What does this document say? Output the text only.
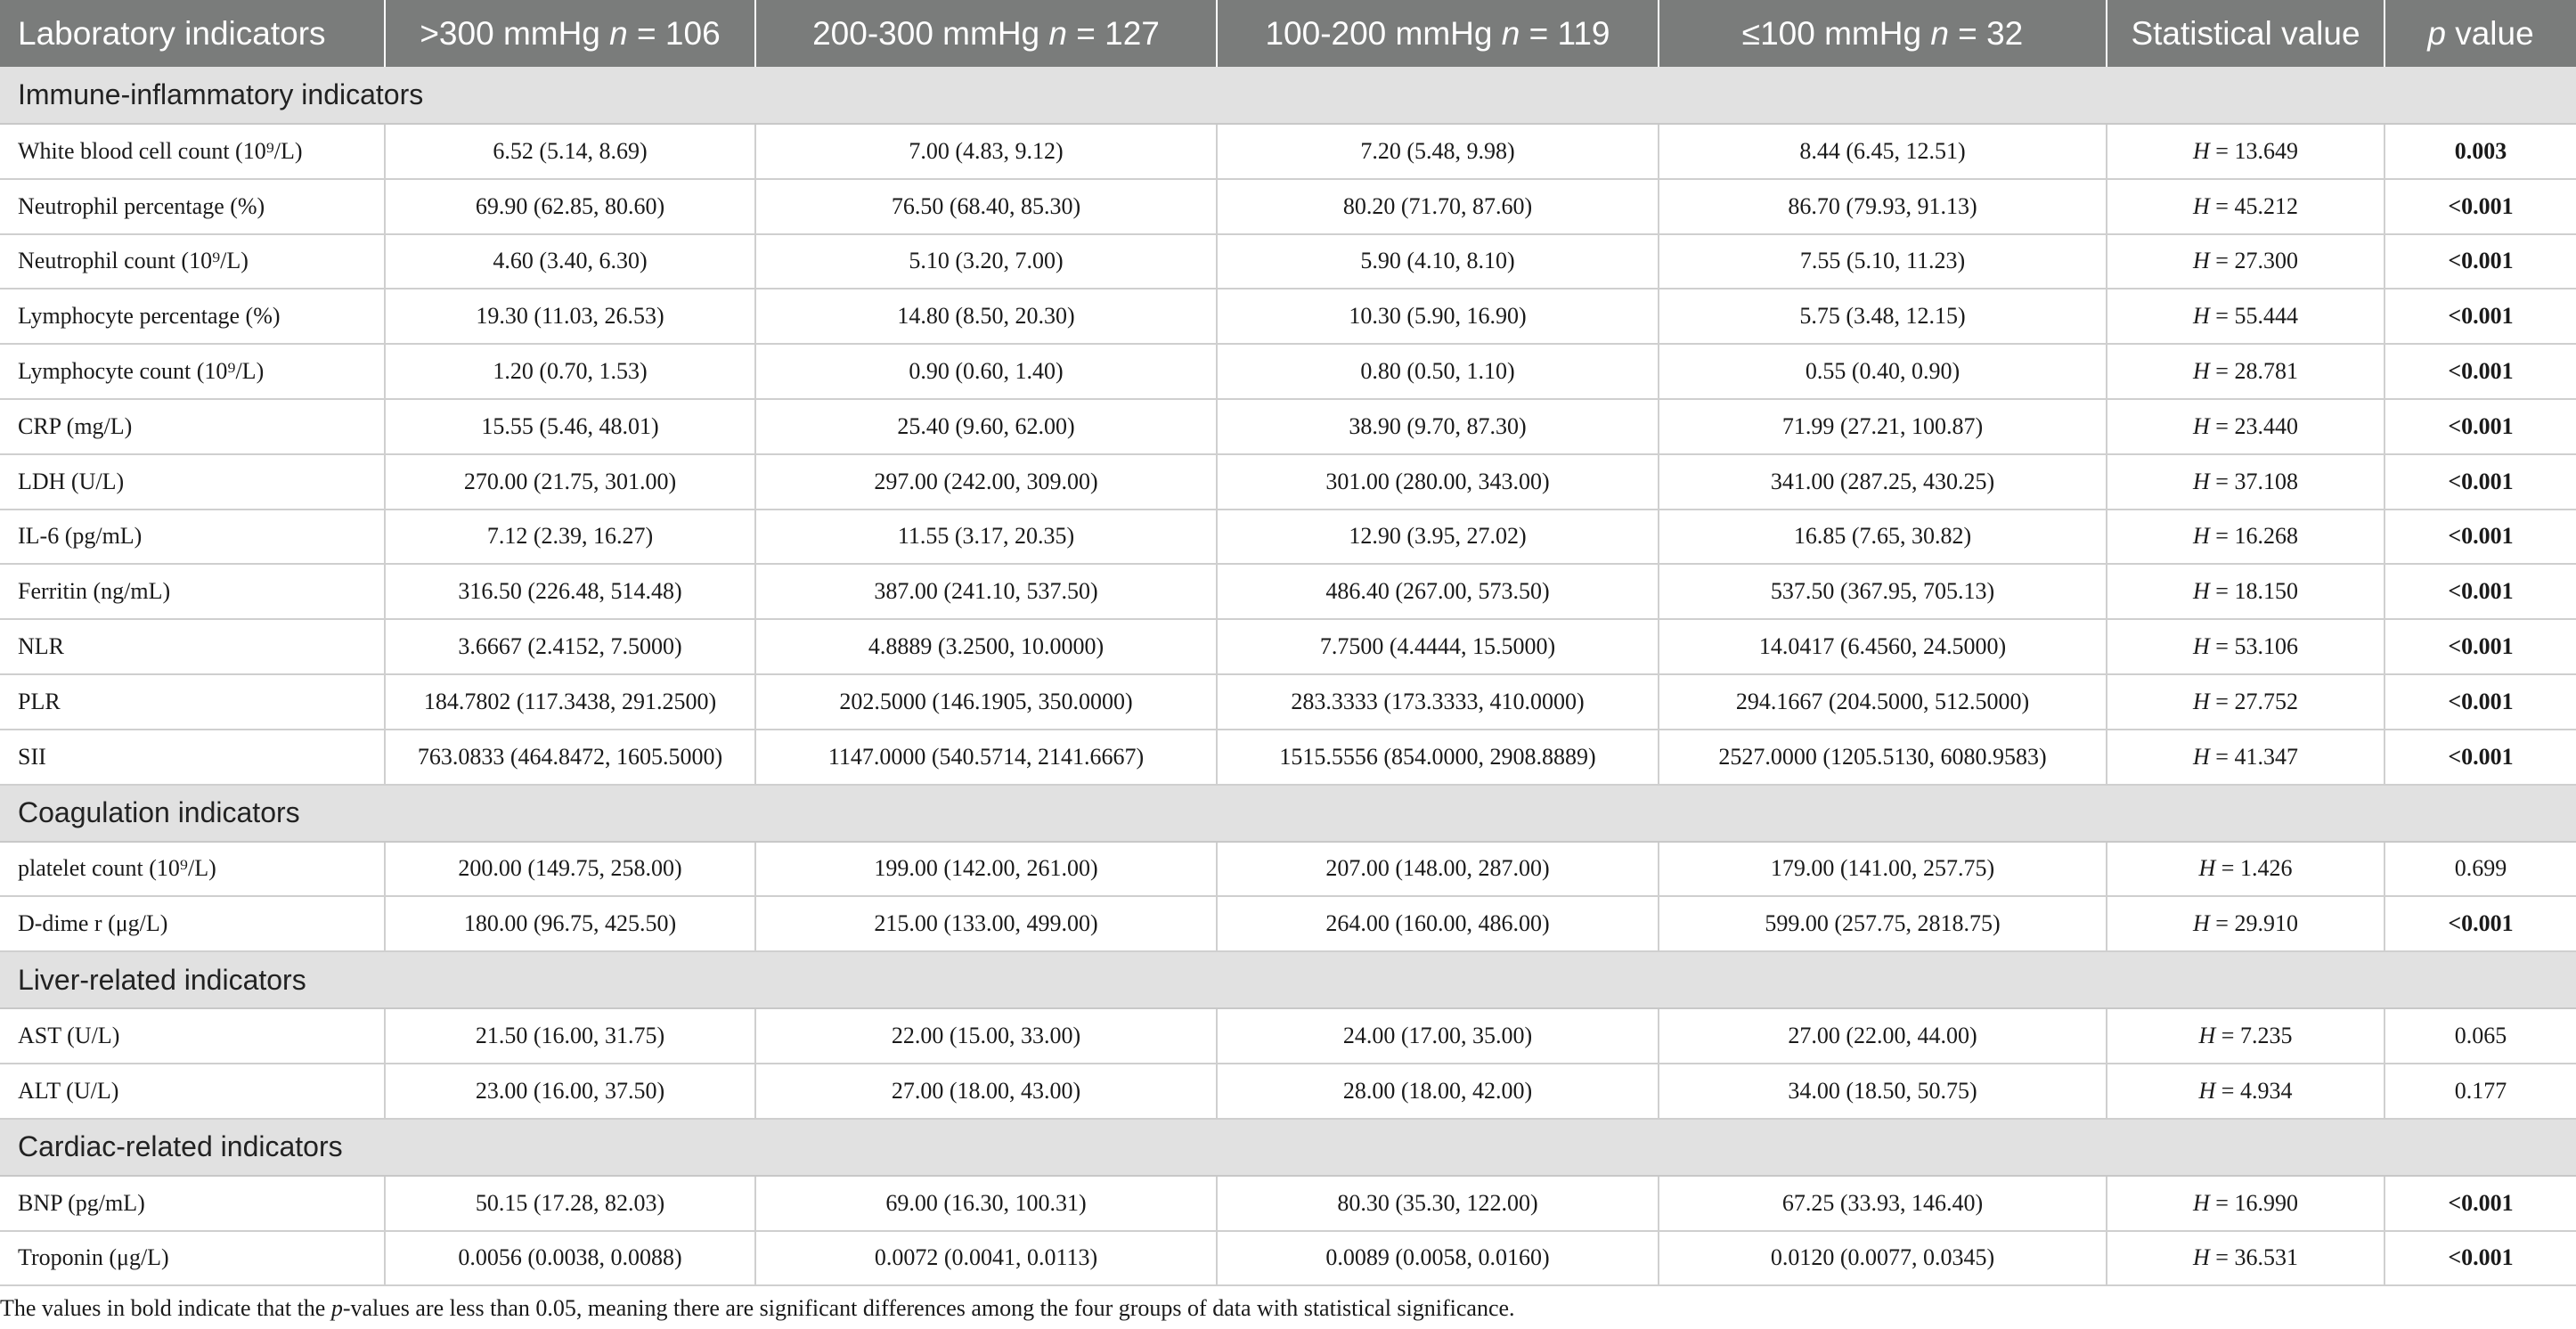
Laboratory indicators	>300 mmHg n = 106	200-300 mmHg n = 127	100-200 mmHg n = 119	≤100 mmHg n = 32	Statistical value	p value
Immune-inflammatory indicators						
White blood cell count (10⁹/L)	6.52 (5.14, 8.69)	7.00 (4.83, 9.12)	7.20 (5.48, 9.98)	8.44 (6.45, 12.51)	H = 13.649	0.003
Neutrophil percentage (%)	69.90 (62.85, 80.60)	76.50 (68.40, 85.30)	80.20 (71.70, 87.60)	86.70 (79.93, 91.13)	H = 45.212	<0.001
Neutrophil count (10⁹/L)	4.60 (3.40, 6.30)	5.10 (3.20, 7.00)	5.90 (4.10, 8.10)	7.55 (5.10, 11.23)	H = 27.300	<0.001
Lymphocyte percentage (%)	19.30 (11.03, 26.53)	14.80 (8.50, 20.30)	10.30 (5.90, 16.90)	5.75 (3.48, 12.15)	H = 55.444	<0.001
Lymphocyte count (10⁹/L)	1.20 (0.70, 1.53)	0.90 (0.60, 1.40)	0.80 (0.50, 1.10)	0.55 (0.40, 0.90)	H = 28.781	<0.001
CRP (mg/L)	15.55 (5.46, 48.01)	25.40 (9.60, 62.00)	38.90 (9.70, 87.30)	71.99 (27.21, 100.87)	H = 23.440	<0.001
LDH (U/L)	270.00 (21.75, 301.00)	297.00 (242.00, 309.00)	301.00 (280.00, 343.00)	341.00 (287.25, 430.25)	H = 37.108	<0.001
IL-6 (pg/mL)	7.12 (2.39, 16.27)	11.55 (3.17, 20.35)	12.90 (3.95, 27.02)	16.85 (7.65, 30.82)	H = 16.268	<0.001
Ferritin (ng/mL)	316.50 (226.48, 514.48)	387.00 (241.10, 537.50)	486.40 (267.00, 573.50)	537.50 (367.95, 705.13)	H = 18.150	<0.001
NLR	3.6667 (2.4152, 7.5000)	4.8889 (3.2500, 10.0000)	7.7500 (4.4444, 15.5000)	14.0417 (6.4560, 24.5000)	H = 53.106	<0.001
PLR	184.7802 (117.3438, 291.2500)	202.5000 (146.1905, 350.0000)	283.3333 (173.3333, 410.0000)	294.1667 (204.5000, 512.5000)	H = 27.752	<0.001
SII	763.0833 (464.8472, 1605.5000)	1147.0000 (540.5714, 2141.6667)	1515.5556 (854.0000, 2908.8889)	2527.0000 (1205.5130, 6080.9583)	H = 41.347	<0.001
Coagulation indicators						
platelet count (10⁹/L)	200.00 (149.75, 258.00)	199.00 (142.00, 261.00)	207.00 (148.00, 287.00)	179.00 (141.00, 257.75)	H = 1.426	0.699
D-dime r (μg/L)	180.00 (96.75, 425.50)	215.00 (133.00, 499.00)	264.00 (160.00, 486.00)	599.00 (257.75, 2818.75)	H = 29.910	<0.001
Liver-related indicators						
AST (U/L)	21.50 (16.00, 31.75)	22.00 (15.00, 33.00)	24.00 (17.00, 35.00)	27.00 (22.00, 44.00)	H = 7.235	0.065
ALT (U/L)	23.00 (16.00, 37.50)	27.00 (18.00, 43.00)	28.00 (18.00, 42.00)	34.00 (18.50, 50.75)	H = 4.934	0.177
Cardiac-related indicators						
BNP (pg/mL)	50.15 (17.28, 82.03)	69.00 (16.30, 100.31)	80.30 (35.30, 122.00)	67.25 (33.93, 146.40)	H = 16.990	<0.001
Troponin (μg/L)	0.0056 (0.0038, 0.0088)	0.0072 (0.0041, 0.0113)	0.0089 (0.0058, 0.0160)	0.0120 (0.0077, 0.0345)	H = 36.531	<0.001
The values in bold indicate that the p-values are less than 0.05, meaning there are significant differences among the four groups of data with statistical significance.
